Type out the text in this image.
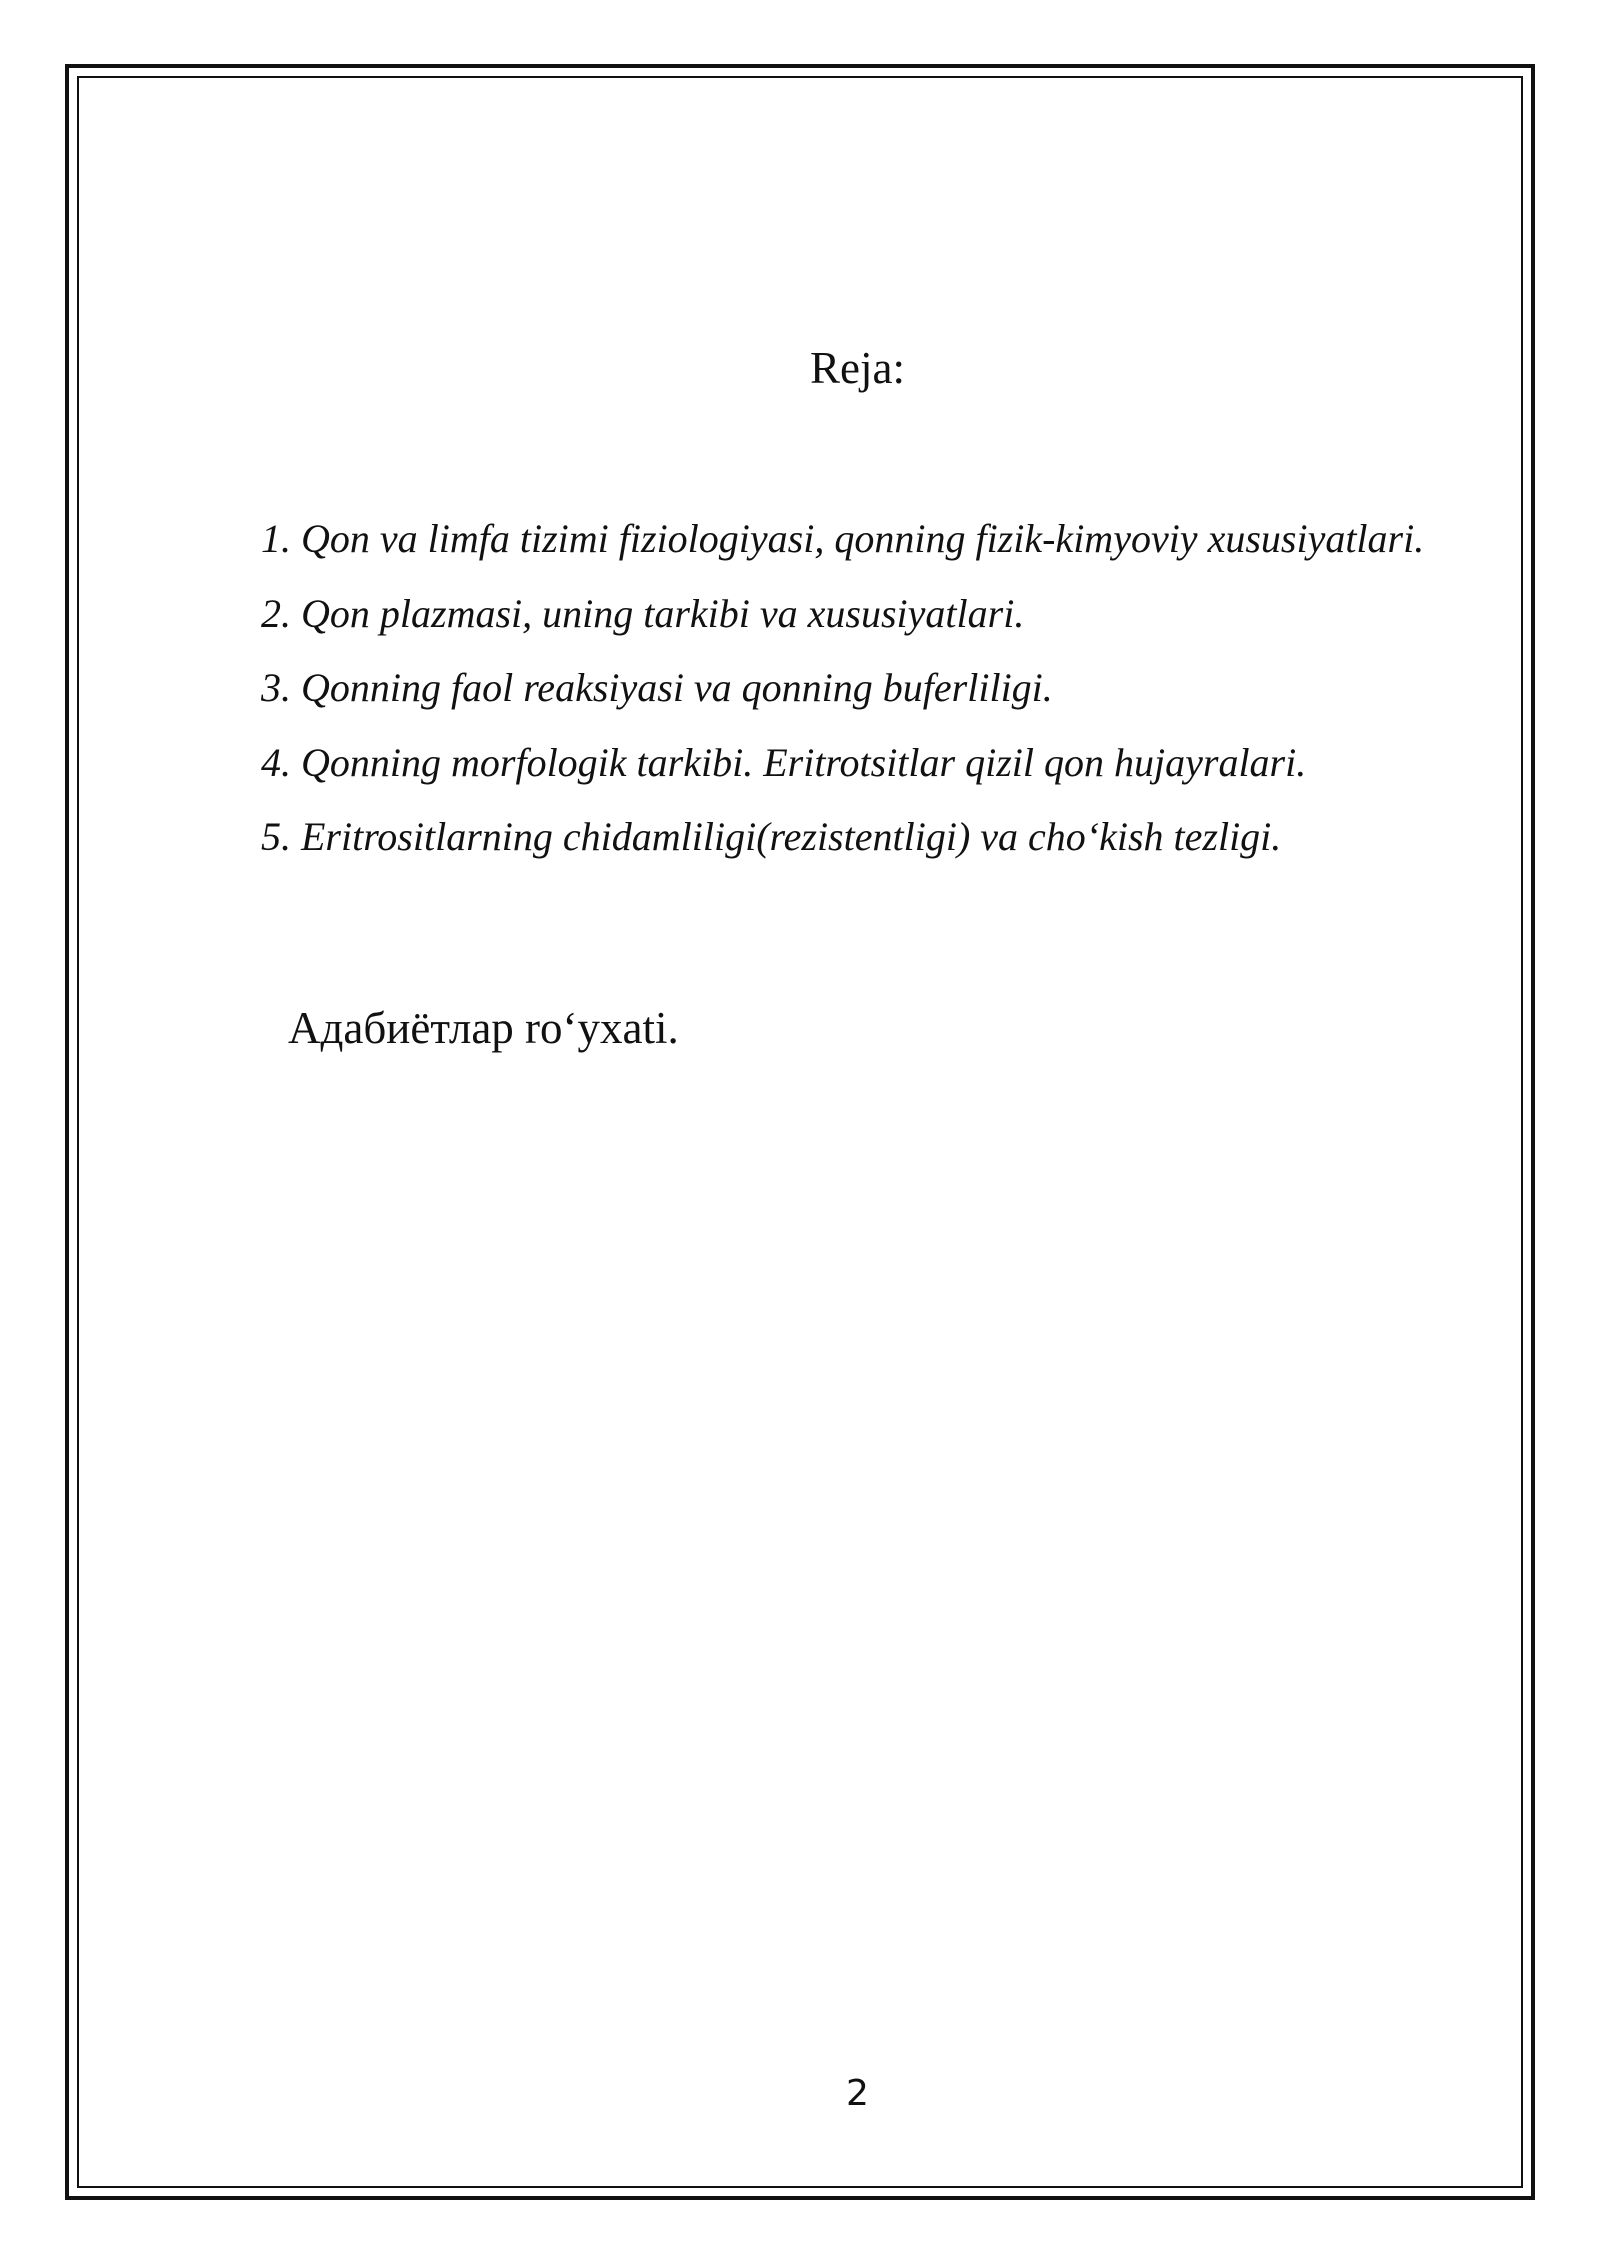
Reja:
1. Qon va limfa tizimi fiziologiyasi, qonning fizik-kimyoviy xususiyatlari.
2. Qon plazmasi, uning tarkibi va xususiyatlari.
3. Qonning faol reaksiyasi va qonning buferliligi.
4. Qonning morfologik tarkibi. Eritrotsitlar qizil qon hujayralari.
5. Eritrositlarning chidamliligi(rezistentligi) va cho‘kish tezligi.
Адабиётлар roʻyxati.
2
